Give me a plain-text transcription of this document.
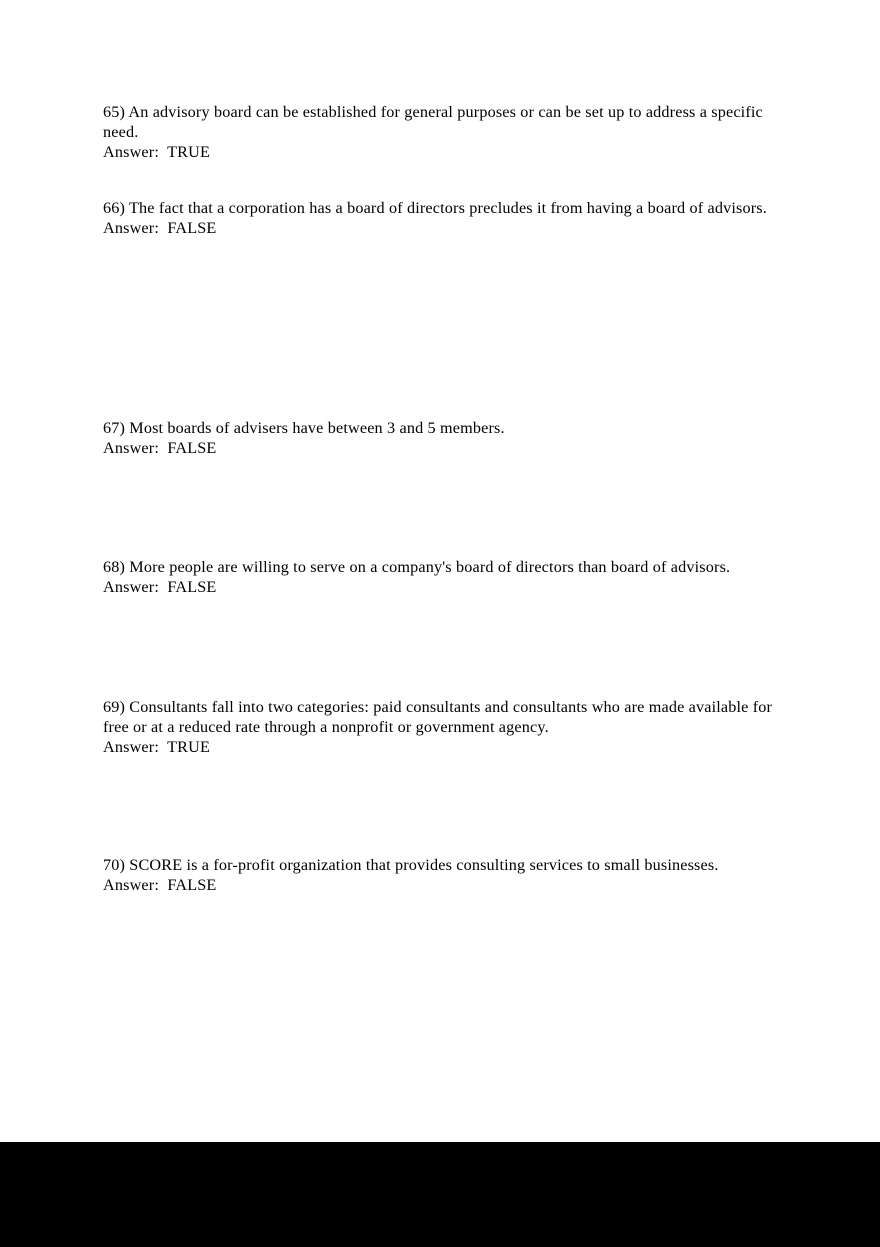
65) An advisory board can be established for general purposes or can be set up to address a specific need.

Answer: TRUE

66) The fact that a corporation has a board of directors precludes it from having a board of advisors.

Answer: FALSE

67) Most boards of advisers have between 3 and 5 members.

Answer: FALSE

68) More people are willing to serve on a company's board of directors than board of advisors.

Answer: FALSE

69) Consultants fall into two categories: paid consultants and consultants who are made available for free or at a reduced rate through a nonprofit or government agency.

Answer: TRUE

70) SCORE is a for-profit organization that provides consulting services to small businesses.

Answer: FALSE
